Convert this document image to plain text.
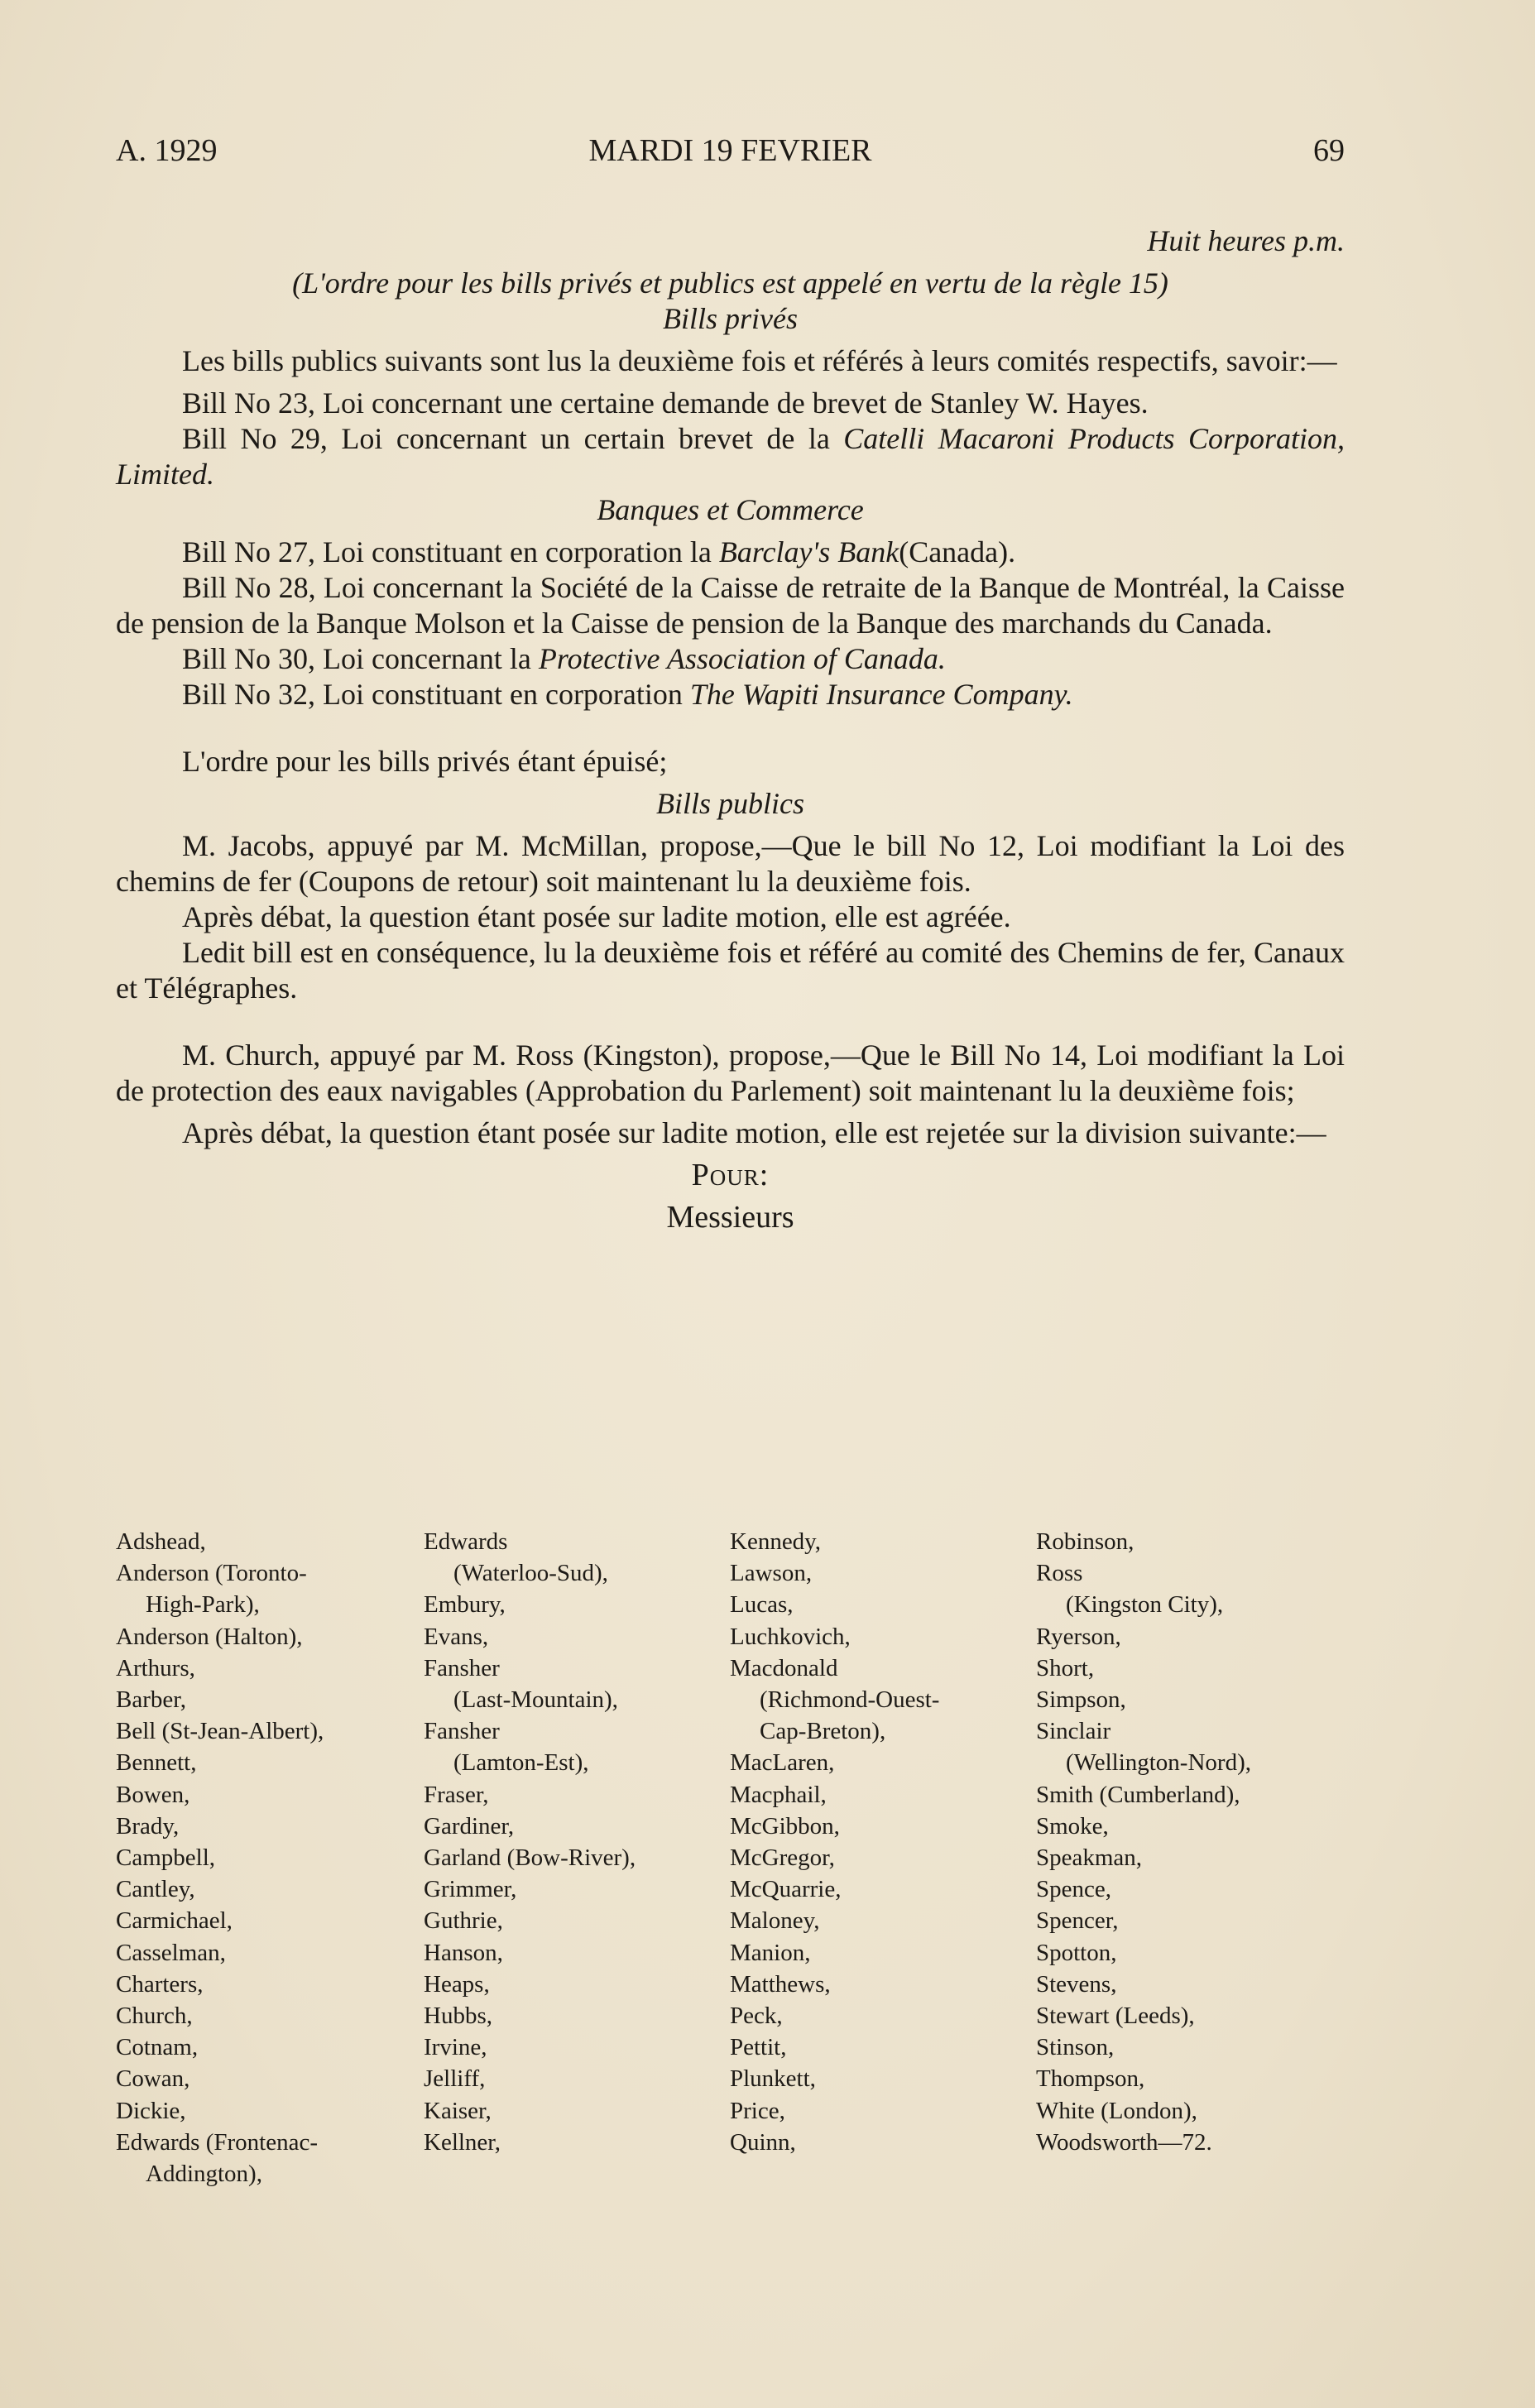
A. 1929	MARDI 19 FEVRIER	69

Huit heures p.m.

(L'ordre pour les bills privés et publics est appelé en vertu de la règle 15)

Bills privés

Les bills publics suivants sont lus la deuxième fois et référés à leurs comités respectifs, savoir:—

Bill No 23, Loi concernant une certaine demande de brevet de Stanley W. Hayes.

Bill No 29, Loi concernant un certain brevet de la Catelli Macaroni Products Corporation, Limited.

Banques et Commerce

Bill No 27, Loi constituant en corporation la Barclay's Bank(Canada).

Bill No 28, Loi concernant la Société de la Caisse de retraite de la Banque de Montréal, la Caisse de pension de la Banque Molson et la Caisse de pension de la Banque des marchands du Canada.

Bill No 30, Loi concernant la Protective Association of Canada.

Bill No 32, Loi constituant en corporation The Wapiti Insurance Company.

L'ordre pour les bills privés étant épuisé;

Bills publics

M. Jacobs, appuyé par M. McMillan, propose,—Que le bill No 12, Loi modifiant la Loi des chemins de fer (Coupons de retour) soit maintenant lu la deuxième fois.

Après débat, la question étant posée sur ladite motion, elle est agréée.

Ledit bill est en conséquence, lu la deuxième fois et référé au comité des Chemins de fer, Canaux et Télégraphes.

M. Church, appuyé par M. Ross (Kingston), propose,—Que le Bill No 14, Loi modifiant la Loi de protection des eaux navigables (Approbation du Parlement) soit maintenant lu la deuxième fois;

Après débat, la question étant posée sur ladite motion, elle est rejetée sur la division suivante:—

Pour:

Messieurs

Adshead,
Anderson (Toronto-
High-Park),
Anderson (Halton),
Arthurs,
Barber,
Bell (St-Jean-Albert),
Bennett,
Bowen,
Brady,
Campbell,
Cantley,
Carmichael,
Casselman,
Charters,
Church,
Cotnam,
Cowan,
Dickie,
Edwards (Frontenac-
Addington),
Edwards
(Waterloo-Sud),
Embury,
Evans,
Fansher
(Last-Mountain),
Fansher
(Lamton-Est),
Fraser,
Gardiner,
Garland (Bow-River),
Grimmer,
Guthrie,
Hanson,
Heaps,
Hubbs,
Irvine,
Jelliff,
Kaiser,
Kellner,
Kennedy,
Lawson,
Lucas,
Luchkovich,
Macdonald
(Richmond-Ouest-
Cap-Breton),
MacLaren,
Macphail,
McGibbon,
McGregor,
McQuarrie,
Maloney,
Manion,
Matthews,
Peck,
Pettit,
Plunkett,
Price,
Quinn,
Robinson,
Ross
(Kingston City),
Ryerson,
Short,
Simpson,
Sinclair
(Wellington-Nord),
Smith (Cumberland),
Smoke,
Speakman,
Spence,
Spencer,
Spotton,
Stevens,
Stewart (Leeds),
Stinson,
Thompson,
White (London),
Woodsworth—72.
